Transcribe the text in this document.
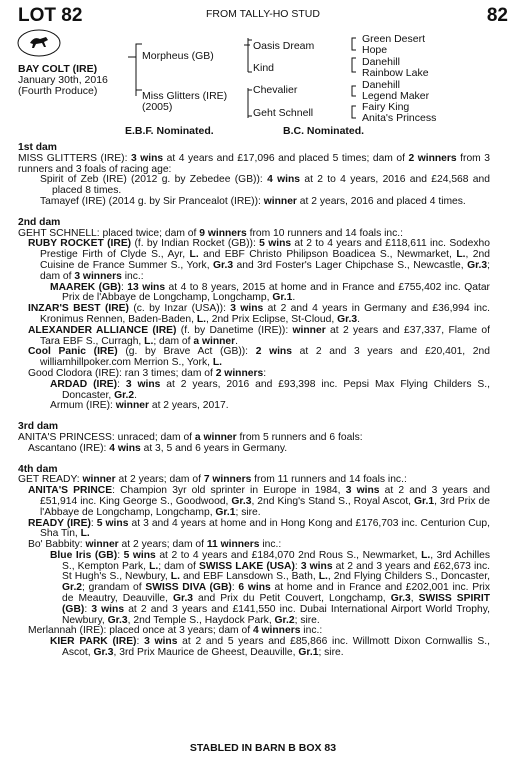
LOT 82	FROM TALLY-HO STUD	82
BAY COLT (IRE)
January 30th, 2016
(Fourth Produce)
Morpheus (GB)
Miss Glitters (IRE)
(2005)
Oasis Dream
Kind
Chevalier
Geht Schnell
Green Desert
Hope
Danehill
Rainbow Lake
Danehill
Legend Maker
Fairy King
Anita's Princess
E.B.F. Nominated.	B.C. Nominated.
1st dam
MISS GLITTERS (IRE): 3 wins at 4 years and £17,096 and placed 5 times; dam of 2 winners from 3 runners and 3 foals of racing age:
Spirit of Zeb (IRE) (2012 g. by Zebedee (GB)): 4 wins at 2 to 4 years, 2016 and £24,568 and placed 8 times.
Tamayef (IRE) (2014 g. by Sir Prancealot (IRE)): winner at 2 years, 2016 and placed 4 times.
2nd dam
GEHT SCHNELL: placed twice; dam of 9 winners from 10 runners and 14 foals inc.:
RUBY ROCKET (IRE) (f. by Indian Rocket (GB)): 5 wins at 2 to 4 years and £118,611 inc. Sodexho Prestige Firth of Clyde S., Ayr, L. and EBF Christo Philipson Boadicea S., Newmarket, L., 2nd Cuisine de France Summer S., York, Gr.3 and 3rd Foster's Lager Chipchase S., Newcastle, Gr.3; dam of 3 winners inc.:
MAAREK (GB): 13 wins at 4 to 8 years, 2015 at home and in France and £755,402 inc. Qatar Prix de l'Abbaye de Longchamp, Longchamp, Gr.1.
INZAR'S BEST (IRE) (c. by Inzar (USA)): 3 wins at 2 and 4 years in Germany and £36,994 inc. Kronimus Rennen, Baden-Baden, L., 2nd Prix Eclipse, St-Cloud, Gr.3.
ALEXANDER ALLIANCE (IRE) (f. by Danetime (IRE)): winner at 2 years and £37,337, Flame of Tara EBF S., Curragh, L.; dam of a winner.
Cool Panic (IRE) (g. by Brave Act (GB)): 2 wins at 2 and 3 years and £20,401, 2nd williamhillpoker.com Merrion S., York, L.
Good Clodora (IRE): ran 3 times; dam of 2 winners:
ARDAD (IRE): 3 wins at 2 years, 2016 and £93,398 inc. Pepsi Max Flying Childers S., Doncaster, Gr.2.
Armum (IRE): winner at 2 years, 2017.
3rd dam
ANITA'S PRINCESS: unraced; dam of a winner from 5 runners and 6 foals:
Ascantano (IRE): 4 wins at 3, 5 and 6 years in Germany.
4th dam
GET READY: winner at 2 years; dam of 7 winners from 11 runners and 14 foals inc.:
ANITA'S PRINCE: Champion 3yr old sprinter in Europe in 1984, 3 wins at 2 and 3 years and £51,914 inc. King George S., Goodwood, Gr.3, 2nd King's Stand S., Royal Ascot, Gr.1, 3rd Prix de l'Abbaye de Longchamp, Longchamp, Gr.1; sire.
READY (IRE): 5 wins at 3 and 4 years at home and in Hong Kong and £176,703 inc. Centurion Cup, Sha Tin, L.
Bo' Babbity: winner at 2 years; dam of 11 winners inc.:
Blue Iris (GB): 5 wins at 2 to 4 years and £184,070 2nd Rous S., Newmarket, L., 3rd Achilles S., Kempton Park, L.; dam of SWISS LAKE (USA): 3 wins at 2 and 3 years and £62,673 inc. St Hugh's S., Newbury, L. and EBF Lansdown S., Bath, L., 2nd Flying Childers S., Doncaster, Gr.2; grandam of SWISS DIVA (GB): 6 wins at home and in France and £202,001 inc. Prix de Meautry, Deauville, Gr.3 and Prix du Petit Couvert, Longchamp, Gr.3, SWISS SPIRIT (GB): 3 wins at 2 and 3 years and £141,550 inc. Dubai International Airport World Trophy, Newbury, Gr.3, 2nd Temple S., Haydock Park, Gr.2; sire.
Merlannah (IRE): placed once at 3 years; dam of 4 winners inc.:
KIER PARK (IRE): 3 wins at 2 and 5 years and £85,866 inc. Willmott Dixon Cornwallis S., Ascot, Gr.3, 3rd Prix Maurice de Gheest, Deauville, Gr.1; sire.
STABLED IN BARN B BOX 83
